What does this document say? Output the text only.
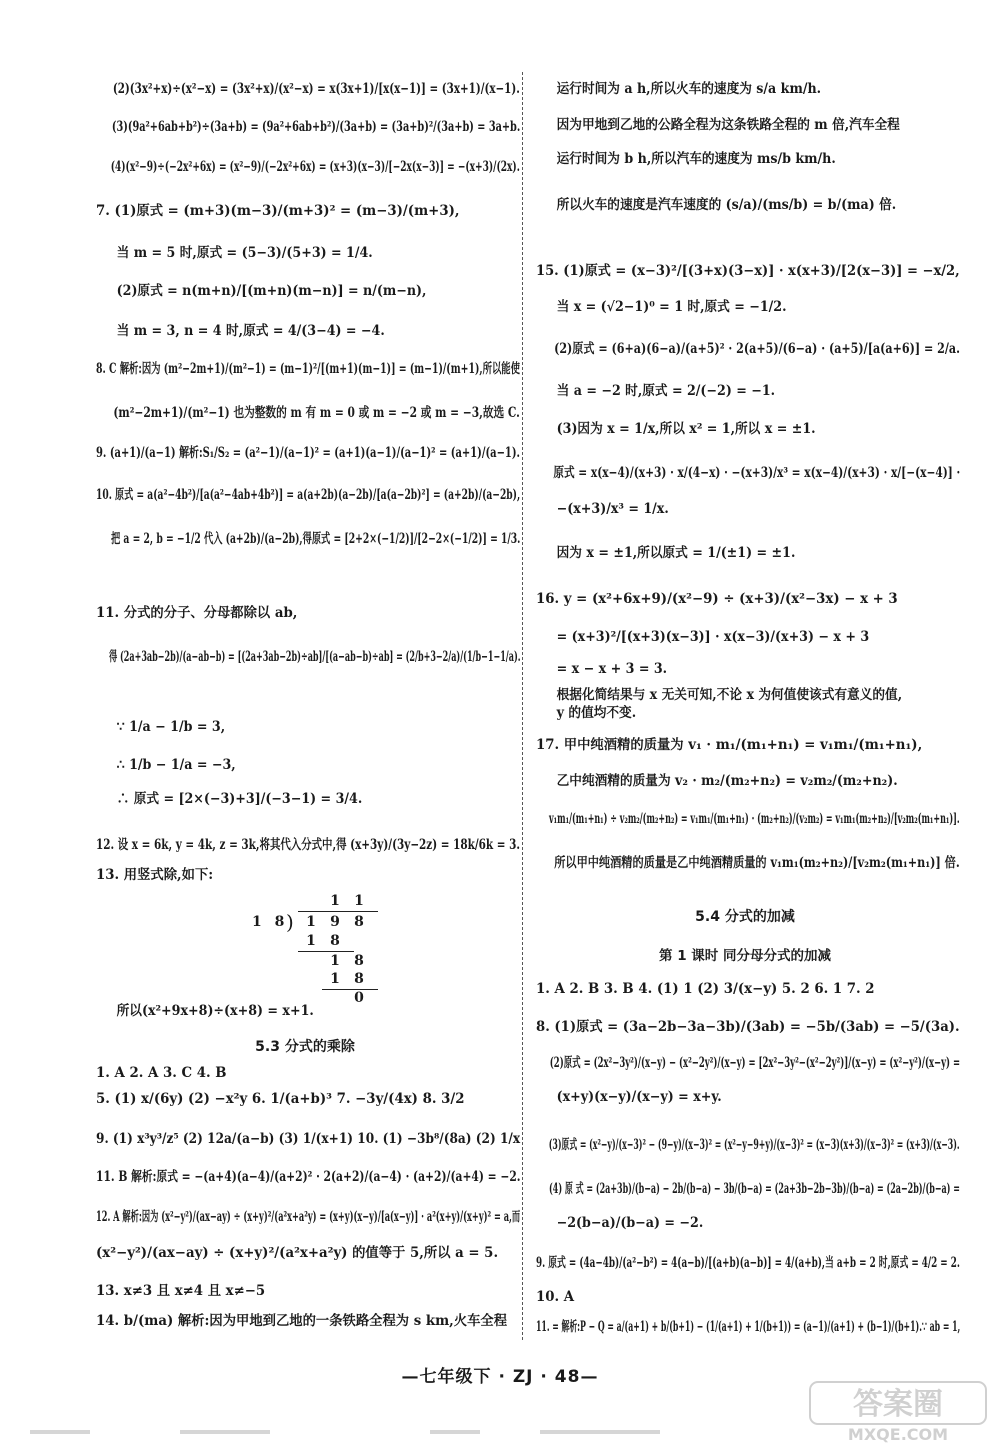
(2)(3x²+x)÷(x²−x) = (3x²+x)/(x²−x) = x(3x+1)/[x(x−1)] = (3x+1)/(x−1).
(3)(9a²+6ab+b²)÷(3a+b) = (9a²+6ab+b²)/(3a+b) = (3a+b)²/(3a+b) = 3a+b.
(4)(x²−9)÷(−2x²+6x) = (x²−9)/(−2x²+6x) = (x+3)(x−3)/[−2x(x−3)] = −(x+3)/(2x).
7. (1)原式 = (m+3)(m−3)/(m+3)² = (m−3)/(m+3),
当 m = 5 时,原式 = (5−3)/(5+3) = 1/4.
(2)原式 = n(m+n)/[(m+n)(m−n)] = n/(m−n),
当 m = 3, n = 4 时,原式 = 4/(3−4) = −4.
8. C 解析:因为 (m²−2m+1)/(m²−1) = (m−1)²/[(m+1)(m−1)] = (m−1)/(m+1),所以能使
(m²−2m+1)/(m²−1) 也为整数的 m 有 m = 0 或 m = −2 或 m = −3,故选 C.
9. (a+1)/(a−1) 解析:S₁/S₂ = (a²−1)/(a−1)² = (a+1)(a−1)/(a−1)² = (a+1)/(a−1).
10. 原式 = a(a²−4b²)/[a(a²−4ab+4b²)] = a(a+2b)(a−2b)/[a(a−2b)²] = (a+2b)/(a−2b),
把 a = 2, b = −1/2 代入 (a+2b)/(a−2b),得原式 = [2+2×(−1/2)]/[2−2×(−1/2)] = 1/3.
11. 分式的分子、分母都除以 ab,
得 (2a+3ab−2b)/(a−ab−b) = [(2a+3ab−2b)÷ab]/[(a−ab−b)÷ab] = (2/b+3−2/a)/(1/b−1−1/a).
∵ 1/a − 1/b = 3,
∴ 1/b − 1/a = −3,
∴ 原式 = [2×(−3)+3]/(−3−1) = 3/4.
12. 设 x = 6k, y = 4k, z = 3k,将其代入分式中,得 (x+3y)/(3y−2z) = 18k/6k = 3.
13. 用竖式除,如下:
所以(x²+9x+8)÷(x+8) = x+1.
1. A 2. A 3. C 4. B
5. (1) x/(6y) (2) −x²y 6. 1/(a+b)³ 7. −3y/(4x) 8. 3/2
9. (1) x³y³/z⁵ (2) 12a/(a−b) (3) 1/(x+1) 10. (1) −3b⁸/(8a) (2) 1/x
11. B 解析:原式 = −(a+4)(a−4)/(a+2)² · 2(a+2)/(a−4) · (a+2)/(a+4) = −2.
12. A 解析:因为 (x²−y²)/(ax−ay) ÷ (x+y)²/(a²x+a²y) = (x+y)(x−y)/[a(x−y)] · a²(x+y)/(x+y)² = a,而
(x²−y²)/(ax−ay) ÷ (x+y)²/(a²x+a²y) 的值等于 5,所以 a = 5.
13. x≠3 且 x≠4 且 x≠−5
14. b/(ma) 解析:因为甲地到乙地的一条铁路全程为 s km,火车全程
运行时间为 a h,所以火车的速度为 s/a km/h.
因为甲地到乙地的公路全程为这条铁路全程的 m 倍,汽车全程
运行时间为 b h,所以汽车的速度为 ms/b km/h.
所以火车的速度是汽车速度的 (s/a)/(ms/b) = b/(ma) 倍.
15. (1)原式 = (x−3)²/[(3+x)(3−x)] · x(x+3)/[2(x−3)] = −x/2,
当 x = (√2−1)⁰ = 1 时,原式 = −1/2.
(2)原式 = (6+a)(6−a)/(a+5)² · 2(a+5)/(6−a) · (a+5)/[a(a+6)] = 2/a.
当 a = −2 时,原式 = 2/(−2) = −1.
(3)因为 x = 1/x,所以 x² = 1,所以 x = ±1.
原式 = x(x−4)/(x+3) · x/(4−x) · −(x+3)/x³ = x(x−4)/(x+3) · x/[−(x−4)] ·
−(x+3)/x³ = 1/x.
因为 x = ±1,所以原式 = 1/(±1) = ±1.
16. y = (x²+6x+9)/(x²−9) ÷ (x+3)/(x²−3x) − x + 3
= (x+3)²/[(x+3)(x−3)] · x(x−3)/(x+3) − x + 3
= x − x + 3 = 3.
根据化简结果与 x 无关可知,不论 x 为何值使该式有意义的值,
y 的值均不变.
17. 甲中纯酒精的质量为 v₁ · m₁/(m₁+n₁) = v₁m₁/(m₁+n₁),
乙中纯酒精的质量为 v₂ · m₂/(m₂+n₂) = v₂m₂/(m₂+n₂).
v₁m₁/(m₁+n₁) ÷ v₂m₂/(m₂+n₂) = v₁m₁/(m₁+n₁) · (m₂+n₂)/(v₂m₂) = v₁m₁(m₂+n₂)/[v₂m₂(m₁+n₁)].
所以甲中纯酒精的质量是乙中纯酒精质量的 v₁m₁(m₂+n₂)/[v₂m₂(m₁+n₁)] 倍.
1. A 2. B 3. B 4. (1) 1 (2) 3/(x−y) 5. 2 6. 1 7. 2
8. (1)原式 = (3a−2b−3a−3b)/(3ab) = −5b/(3ab) = −5/(3a).
(2)原式 = (2x²−3y²)/(x−y) − (x²−2y²)/(x−y) = [2x²−3y²−(x²−2y²)]/(x−y) = (x²−y²)/(x−y) =
(x+y)(x−y)/(x−y) = x+y.
(3)原式 = (x²−y)/(x−3)² − (9−y)/(x−3)² = (x²−y−9+y)/(x−3)² = (x−3)(x+3)/(x−3)² = (x+3)/(x−3).
(4) 原 式 = (2a+3b)/(b−a) − 2b/(b−a) − 3b/(b−a) = (2a+3b−2b−3b)/(b−a) = (2a−2b)/(b−a) =
−2(b−a)/(b−a) = −2.
9. 原式 = (4a−4b)/(a²−b²) = 4(a−b)/[(a+b)(a−b)] = 4/(a+b),当 a+b = 2 时,原式 = 4/2 = 2.
10. A
11. = 解析:P − Q = a/(a+1) + b/(b+1) − (1/(a+1) + 1/(b+1)) = (a−1)/(a+1) + (b−1)/(b+1).∵ ab = 1,
5.3 分式的乘除
5.4 分式的加减
第 1 课时 同分母分式的加减
1 1
1 8
) 1 9 8
1 8
1 8
1 8
0
—七年级下 · ZJ · 48—
答案圈
MXQE.COM
